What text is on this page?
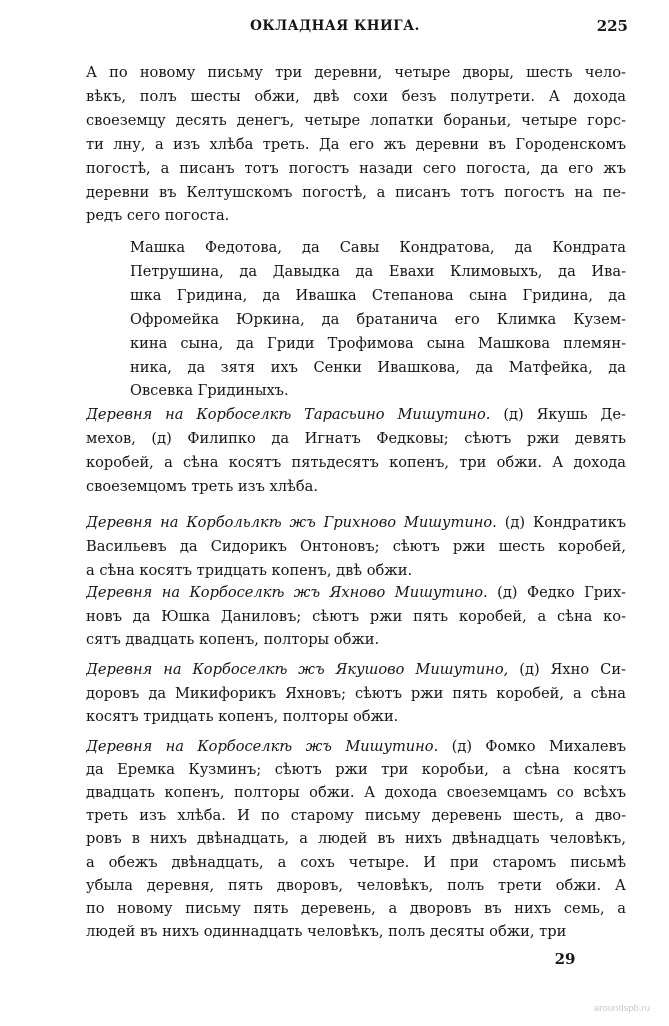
ОКЛАДНАЯ КНИГА.	225
А по новому письму три деревни, четыре дворы, шесть чело-
вѣкъ, полъ шесты обжи, двѣ сохи безъ полутрети. А дохода
своеземцу десять денегъ, четыре лопатки бораньи, четыре горс-
ти лну, а изъ хлѣба треть. Да его жъ деревни въ Городенскомъ
погостѣ, а писанъ тотъ погостъ назади сего погоста, да его жъ
деревни въ Келтушскомъ погостѣ, а писанъ тотъ погостъ на пе-
редъ сего погоста.
Машка Федотова, да Савы Кондратова, да Кондрата
Петрушина, да Давыдка да Евахи Климовыхъ, да Ива-
шка Гридина, да Ивашка Степанова сына Гридина, да
Офромейка Юркина, да братанича его Климка Кузем-
кина сына, да Гриди Трофимова сына Машкова племян-
ника, да зятя ихъ Сенки Ивашкова, да Матфейка, да
Овсевка Гридиныхъ.
Деревня на Корбоселкѣ Тарасьино Мишутино. (д) Якушь Де-
мехов, (д) Филипко да Игнатъ Федковы; сѣютъ ржи девять
коробей, а сѣна косятъ пятьдесятъ копенъ, три обжи. А дохода
своеземцомъ треть изъ хлѣба.
Деревня на Корбольлкѣ жъ Грихново Мишутино. (д) Кондратикъ
Васильевъ да Сидорикъ Онтоновъ; сѣютъ ржи шесть коробей,
а сѣна косятъ тридцать копенъ, двѣ обжи.
Деревня на Корбоселкѣ жъ Яхново Мишутино. (д) Федко Грих-
новъ да Юшка Даниловъ; сѣютъ ржи пять коробей, а сѣна ко-
сятъ двадцать копенъ, полторы обжи.
Деревня на Корбоселкѣ жъ Якушово Мишутино, (д) Яхно Си-
доровъ да Микифорикъ Яхновъ; сѣютъ ржи пять коробей, а сѣна
косятъ тридцать копенъ, полторы обжи.
Деревня на Корбоселкѣ жъ Мишутино. (д) Фомко Михалевъ
да Еремка Кузминъ; сѣютъ ржи три коробьи, а сѣна косятъ
двадцать копенъ, полторы обжи. А дохода своеземцамъ со всѣхъ
треть изъ хлѣба. И по старому письму деревень шесть, а дво-
ровъ в нихъ двѣнадцать, а людей въ нихъ двѣнадцать человѣкъ,
а обежъ двѣнадцать, а сохъ четыре. И при старомъ письмѣ
убыла деревня, пять дворовъ, человѣкъ, полъ трети обжи. А
по новому письму пять деревень, а дворовъ въ нихъ семь, а
людей въ нихъ одиннадцать человѣкъ, полъ десяты обжи, три
29
aroundspb.ru
